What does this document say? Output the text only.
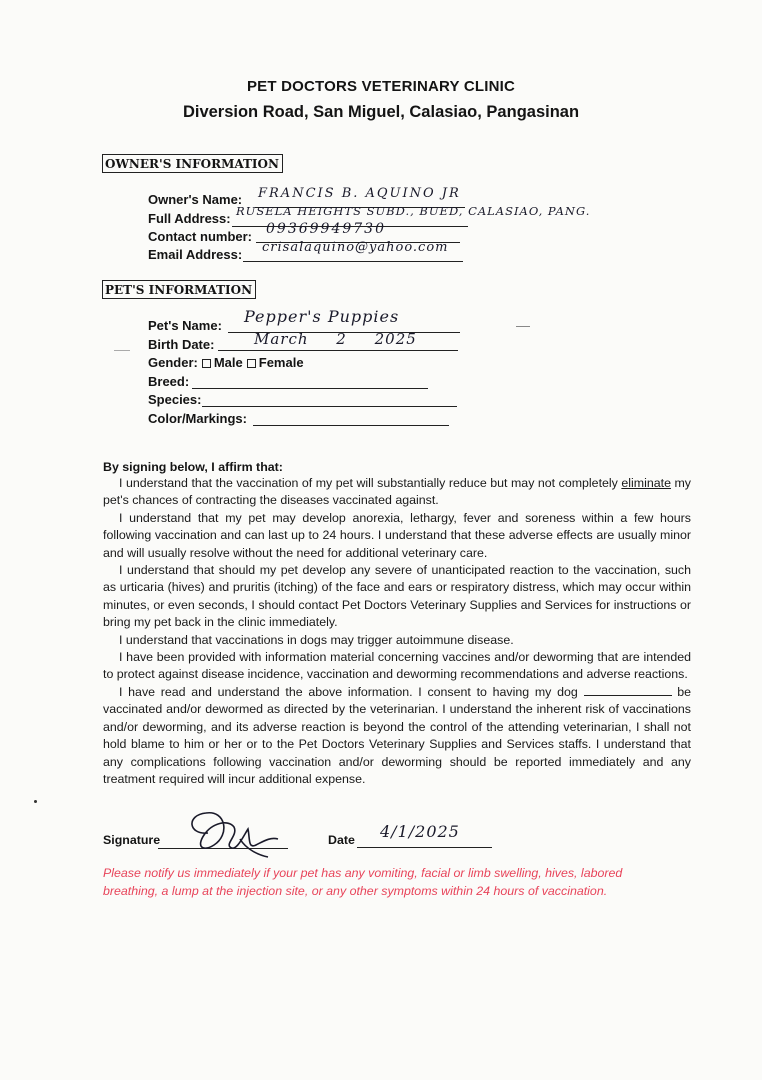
PET DOCTORS VETERINARY CLINIC
Diversion Road, San Miguel, Calasiao, Pangasinan
OWNER'S INFORMATION
Owner's Name: FRANCIS B. AQUINO JR
Full Address: RUSELA HEIGHTS SUBD., BUED, CALASIAO, PANG.
Contact number: 09369949730
Email Address: crisalaquino@yahoo.com
PET'S INFORMATION
Pet's Name: Pepper's Puppies
Birth Date:	March 2 2025
Gender: Male Female
Breed:
Species:
Color/Markings:
By signing below, I affirm that:

I understand that the vaccination of my pet will substantially reduce but may not completely eliminate my pet's chances of contracting the diseases vaccinated against.

I understand that my pet may develop anorexia, lethargy, fever and soreness within a few hours following vaccination and can last up to 24 hours. I understand that these adverse effects are usually minor and will usually resolve without the need for additional veterinary care.

I understand that should my pet develop any severe of unanticipated reaction to the vaccination, such as urticaria (hives) and pruritis (itching) of the face and ears or respiratory distress, which may occur within minutes, or even seconds, I should contact Pet Doctors Veterinary Supplies and Services for instructions or bring my pet back in the clinic immediately.

I understand that vaccinations in dogs may trigger autoimmune disease.

I have been provided with information material concerning vaccines and/or deworming that are intended to protect against disease incidence, vaccination and deworming recommendations and adverse reactions.

I have read and understand the above information. I consent to having my dog	be vaccinated and/or dewormed as directed by the veterinarian. I understand the inherent risk of vaccinations and/or deworming, and its adverse reaction is beyond the control of the attending veterinarian, I shall not hold blame to him or her or to the Pet Doctors Veterinary Supplies and Services staffs. I understand that any complications following vaccination and/or deworming should be reported immediately and any treatment required will incur additional expense.

Signature	Date 4/1/2025
Please notify us immediately if your pet has any vomiting, facial or limb swelling, hives, labored breathing, a lump at the injection site, or any other symptoms within 24 hours of vaccination.
